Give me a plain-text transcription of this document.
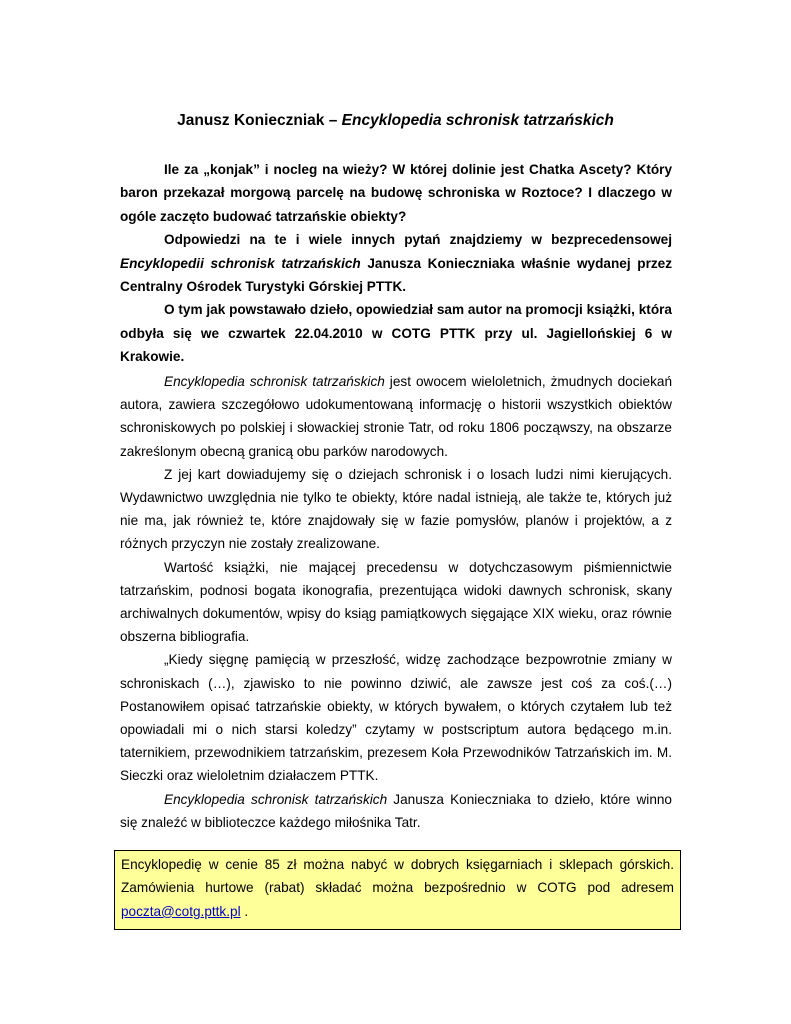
Janusz Konieczniak – Encyklopedia schronisk tatrzańskich

Ile za „konjak” i nocleg na wieży? W której dolinie jest Chatka Ascety? Który baron przekazał morgową parcelę na budowę schroniska w Roztoce? I dlaczego w ogóle zaczęto budować tatrzańskie obiekty?

Odpowiedzi na te i wiele innych pytań znajdziemy w bezprecedensowej Encyklopedii schronisk tatrzańskich Janusza Konieczniaka właśnie wydanej przez Centralny Ośrodek Turystyki Górskiej PTTK.

O tym jak powstawało dzieło, opowiedział sam autor na promocji książki, która odbyła się we czwartek 22.04.2010 w COTG PTTK przy ul. Jagiellońskiej 6 w Krakowie.

Encyklopedia schronisk tatrzańskich jest owocem wieloletnich, żmudnych dociekań autora, zawiera szczegółowo udokumentowaną informację o historii wszystkich obiektów schroniskowych po polskiej i słowackiej stronie Tatr, od roku 1806 począwszy, na obszarze zakreślonym obecną granicą obu parków narodowych.

Z jej kart dowiadujemy się o dziejach schronisk i o losach ludzi nimi kierujących. Wydawnictwo uwzględnia nie tylko te obiekty, które nadal istnieją, ale także te, których już nie ma, jak również te, które znajdowały się w fazie pomysłów, planów i projektów, a z różnych przyczyn nie zostały zrealizowane.

Wartość książki, nie mającej precedensu w dotychczasowym piśmiennictwie tatrzańskim, podnosi bogata ikonografia, prezentująca widoki dawnych schronisk, skany archiwalnych dokumentów, wpisy do ksiąg pamiątkowych sięgające XIX wieku, oraz równie obszerna bibliografia.

„Kiedy sięgnę pamięcią w przeszłość, widzę zachodzące bezpowrotnie zmiany w schroniskach (…), zjawisko to nie powinno dziwić, ale zawsze jest coś za coś.(…) Postanowiłem opisać tatrzańskie obiekty, w których bywałem, o których czytałem lub też opowiadali mi o nich starsi koledzy” czytamy w postscriptum autora będącego m.in. taternikiem, przewodnikiem tatrzańskim, prezesem Koła Przewodników Tatrzańskich im. M. Sieczki oraz wieloletnim działaczem PTTK.

Encyklopedia schronisk tatrzańskich Janusza Konieczniaka to dzieło, które winno się znaleźć w biblioteczce każdego miłośnika Tatr.

Encyklopedię w cenie 85 zł można nabyć w dobrych księgarniach i sklepach górskich. Zamówienia hurtowe (rabat) składać można bezpośrednio w COTG pod adresem poczta@cotg.pttk.pl .
